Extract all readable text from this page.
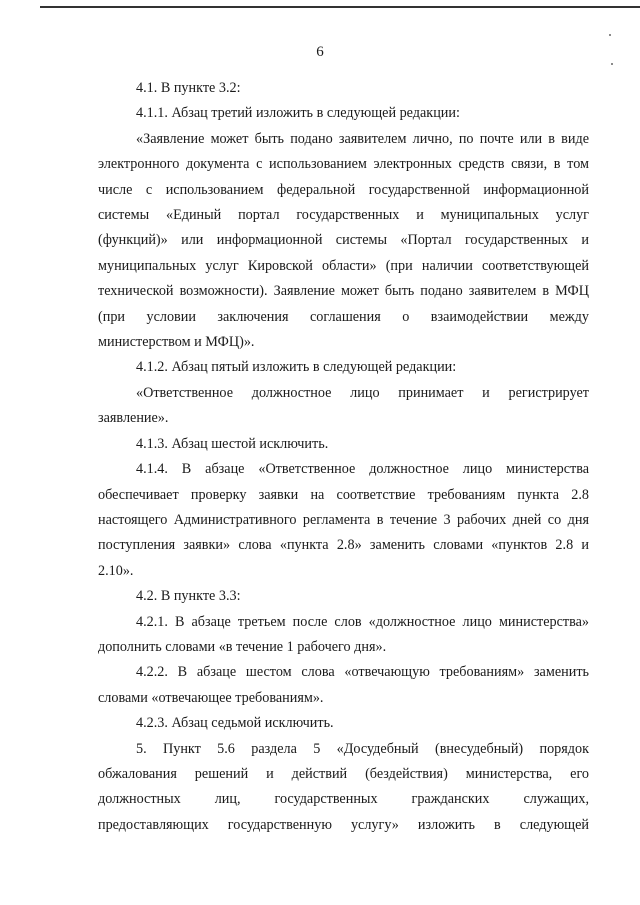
6

4.1. В пункте 3.2:

4.1.1. Абзац третий изложить в следующей редакции:

«Заявление может быть подано заявителем лично, по почте или в виде

электронного документа с использованием электронных средств связи, в том

числе с использованием федеральной государственной информационной

системы «Единый портал государственных и муниципальных услуг

(функций)» или информационной системы «Портал государственных и

муниципальных услуг Кировской области» (при наличии соответствующей

технической возможности). Заявление может быть подано заявителем в МФЦ

(при условии заключения соглашения о взаимодействии между

министерством и МФЦ)».

4.1.2. Абзац пятый изложить в следующей редакции:

«Ответственное должностное лицо принимает и регистрирует

заявление».

4.1.3. Абзац шестой исключить.

4.1.4. В абзаце «Ответственное должностное лицо министерства

обеспечивает проверку заявки на соответствие требованиям пункта 2.8

настоящего Административного регламента в течение 3 рабочих дней со дня

поступления заявки» слова «пункта 2.8» заменить словами «пунктов 2.8 и

2.10».

4.2. В пункте 3.3:

4.2.1. В абзаце третьем после слов «должностное лицо министерства»

дополнить словами «в течение 1 рабочего дня».

4.2.2. В абзаце шестом слова «отвечающую требованиям» заменить

словами «отвечающее требованиям».

4.2.3. Абзац седьмой исключить.

5. Пункт 5.6 раздела 5 «Досудебный (внесудебный) порядок

обжалования решений и действий (бездействия) министерства, его

должностных лиц, государственных гражданских служащих,

предоставляющих государственную услугу» изложить в следующей
